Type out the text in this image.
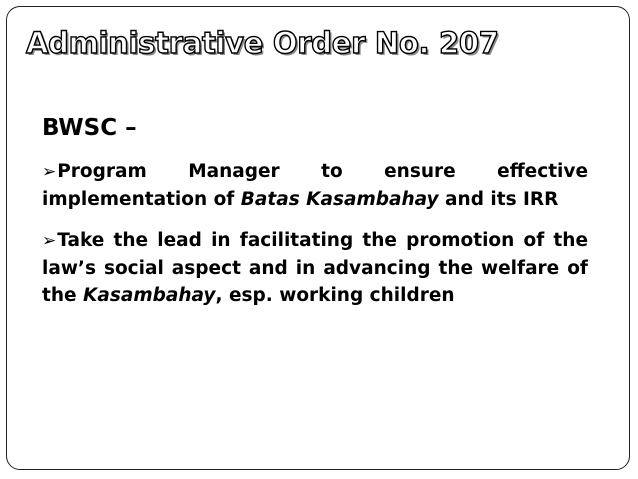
Administrative Order No. 207
BWSC –

➢Program Manager to ensure effective implementation of Batas Kasambahay and its IRR

➢Take the lead in facilitating the promotion of the law’s social aspect and in advancing the welfare of the Kasambahay, esp. working children
